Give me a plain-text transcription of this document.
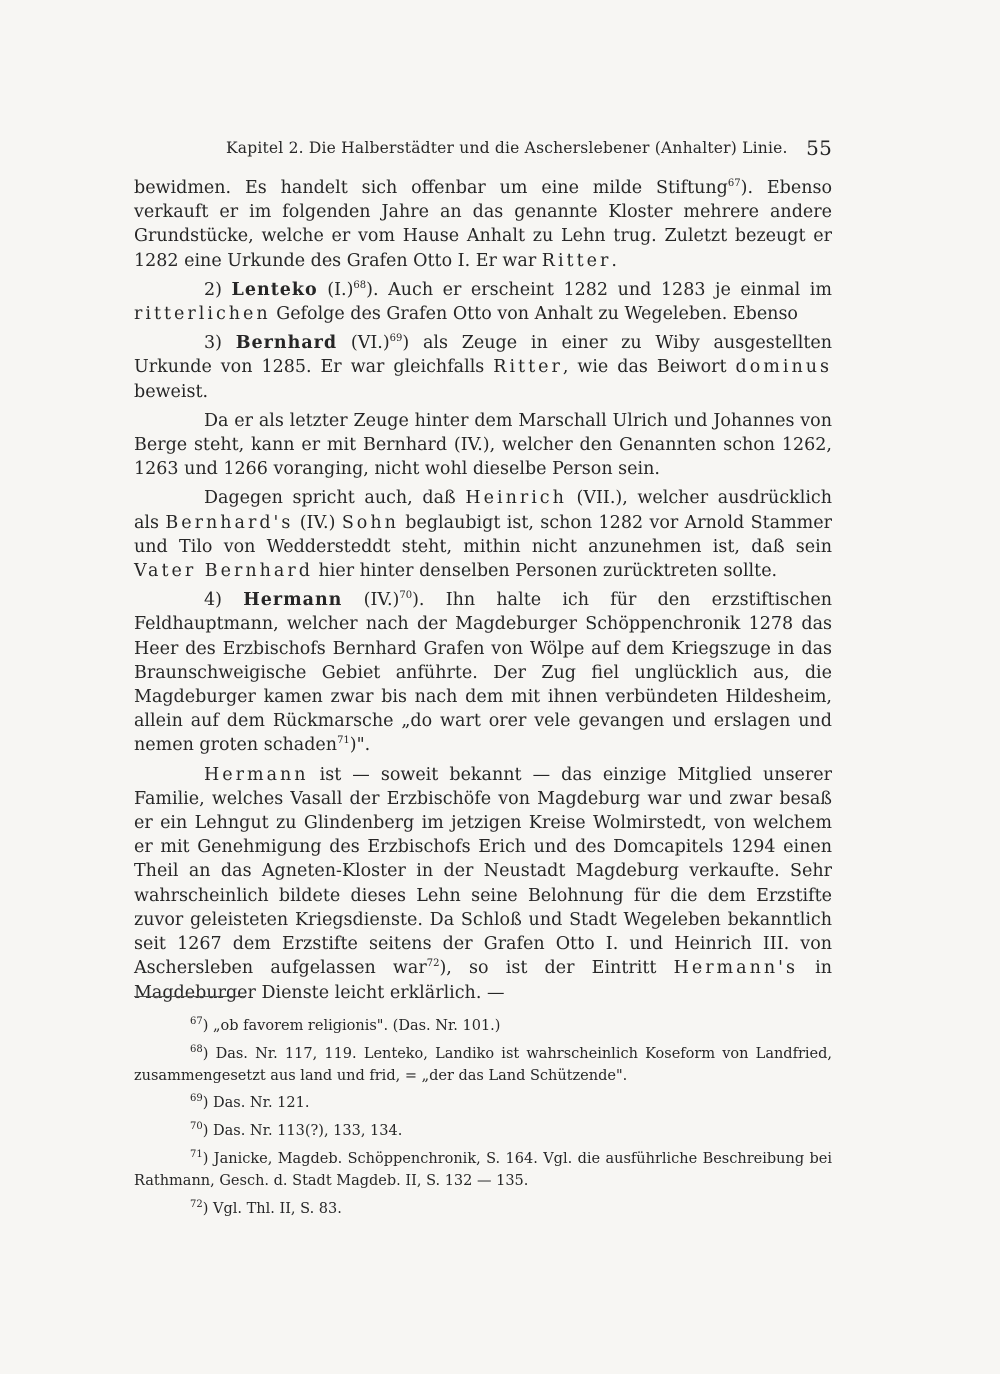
Kapitel 2. Die Halberstädter und die Ascherslebener (Anhalter) Linie. 55

bewidmen. Es handelt sich offenbar um eine milde Stiftung$^{67}$). Ebenso verkauft er im folgenden Jahre an das genannte Kloster mehrere andere Grundstücke, welche er vom Hause Anhalt zu Lehn trug. Zuletzt bezeugt er 1282 eine Urkunde des Grafen Otto I. Er war Ritter.

2) Lenteko $(I.)^{68}$). Auch er erscheint 1282 und 1283 je einmal im ritterlichen Gefolge des Grafen Otto von Anhalt zu Wegeleben. Ebenso

3) Bernhard $(VI.)^{69}$) als Zeuge in einer zu Wiby ausgestellten Urkunde von 1285. Er war gleichfalls Ritter, wie das Beiwort dominus beweist.

Da er als letzter Zeuge hinter dem Marschall Ulrich und Johannes von Berge steht, kann er mit Bernhard (IV.), welcher den Genannten schon 1262, 1263 und 1266 voranging, nicht wohl dieselbe Person sein.

Dagegen spricht auch, daß Heinrich (VII.), welcher ausdrücklich als Bernhard's (IV.) Sohn beglaubigt ist, schon 1282 vor Arnold Stammer und Tilo von Weddersteddt steht, mithin nicht anzunehmen ist, daß sein Vater Bernhard hier hinter denselben Personen zurücktreten sollte.

4) Hermann $(IV.)^{70}$). Ihn halte ich für den erzstiftischen Feldhauptmann, welcher nach der Magdeburger Schöppenchronik 1278 das Heer des Erzbischofs Bernhard Grafen von Wölpe auf dem Kriegszuge in das Braunschweigische Gebiet anführte. Der Zug fiel unglücklich aus, die Magdeburger kamen zwar bis nach dem mit ihnen verbündeten Hildesheim, allein auf dem Rückmarsche „do wart orer vele gevangen und erslagen und nemen groten schaden$^{71}$)".

Hermann ist — soweit bekannt — das einzige Mitglied unserer Familie, welches Vasall der Erzbischöfe von Magdeburg war und zwar besaß er ein Lehngut zu Glindenberg im jetzigen Kreise Wolmirstedt, von welchem er mit Genehmigung des Erzbischofs Erich und des Domcapitels 1294 einen Theil an das Agneten-Kloster in der Neustadt Magdeburg verkaufte. Sehr wahrscheinlich bildete dieses Lehn seine Belohnung für die dem Erzstifte zuvor geleisteten Kriegsdienste. Da Schloß und Stadt Wegeleben bekanntlich seit 1267 dem Erzstifte seitens der Grafen Otto I. und Heinrich III. von Aschersleben aufgelassen war$^{72}$), so ist der Eintritt Hermann's in Magdeburger Dienste leicht erklärlich. —

$^{67}$) „ob favorem religionis". (Das. Nr. 101.)

$^{68}$) Das. Nr. 117, 119. Lenteko, Landiko ist wahrscheinlich Koseform von Landfried, zusammengesetzt aus land und frid, = „der das Land Schützende".

$^{69}$) Das. Nr. 121.

$^{70}$) Das. Nr. 113(?), 133, 134.

$^{71}$) Janicke, Magdeb. Schöppenchronik, S. 164. Vgl. die ausführliche Beschreibung bei Rathmann, Gesch. d. Stadt Magdeb. II, S. 132 — 135.

$^{72}$) Vgl. Thl. II, S. 83.
